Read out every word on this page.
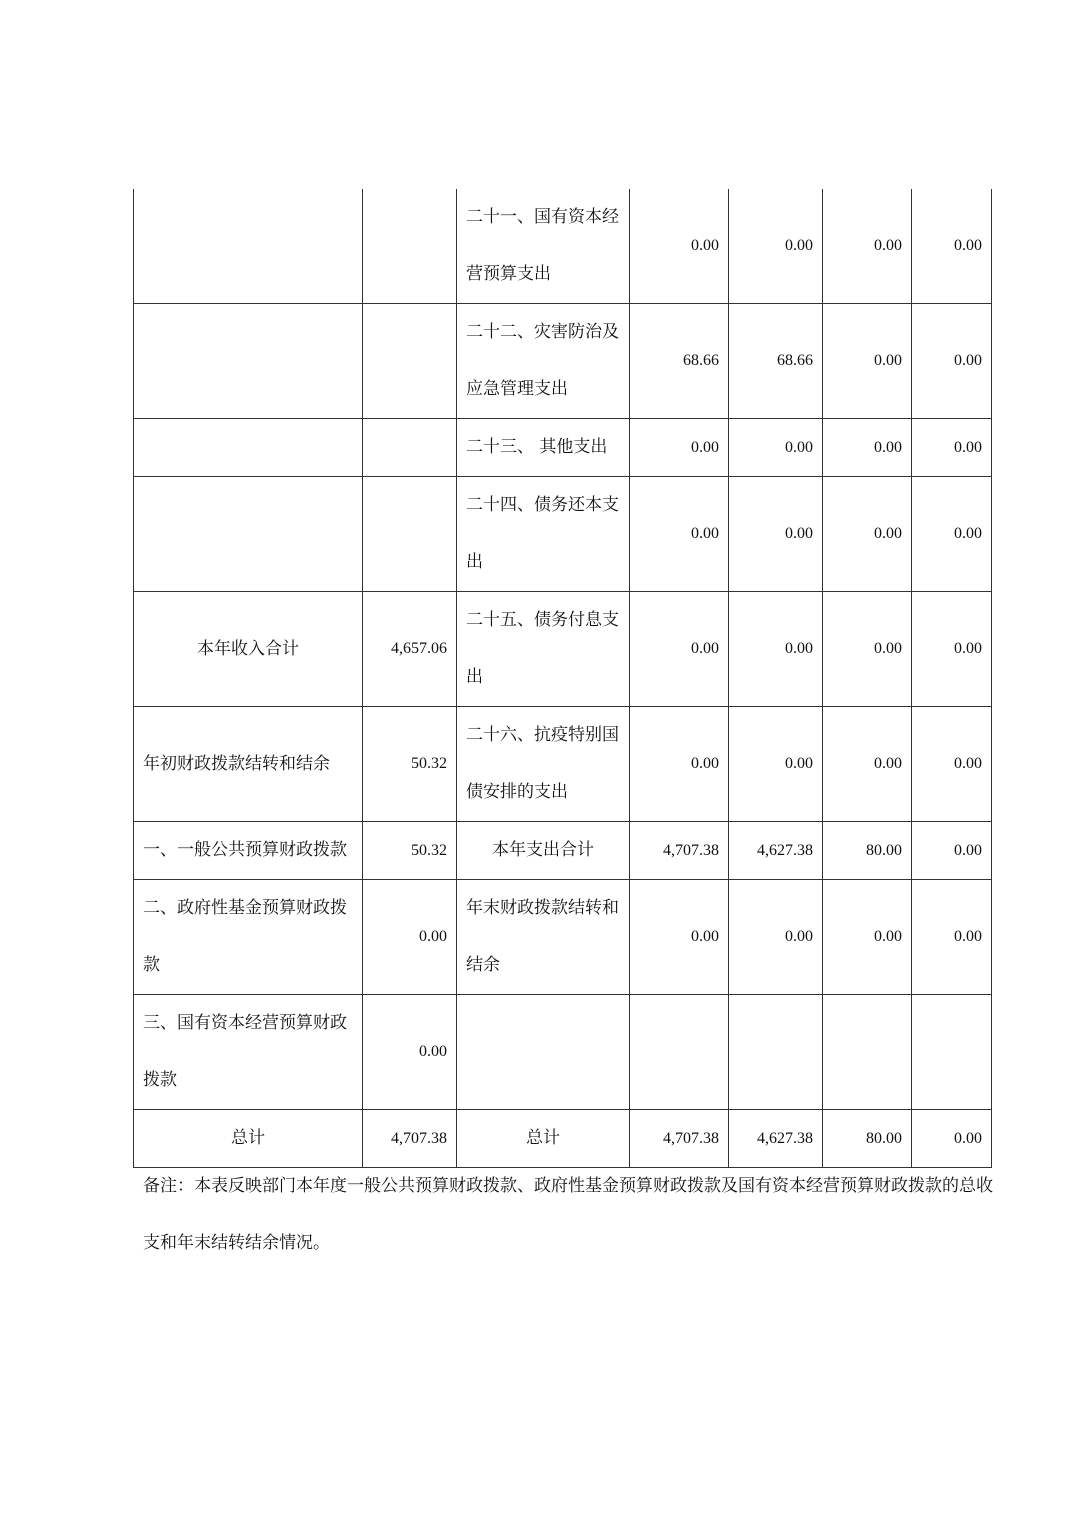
		二十一、国有资本经营预算支出	0.00	0.00	0.00	0.00
		二十二、灾害防治及应急管理支出	68.66	68.66	0.00	0.00
		二十三、 其他支出	0.00	0.00	0.00	0.00
		二十四、债务还本支出	0.00	0.00	0.00	0.00
本年收入合计	4,657.06	二十五、债务付息支出	0.00	0.00	0.00	0.00
年初财政拨款结转和结余	50.32	二十六、抗疫特别国债安排的支出	0.00	0.00	0.00	0.00
一、一般公共预算财政拨款	50.32	本年支出合计	4,707.38	4,627.38	80.00	0.00
二、政府性基金预算财政拨款	0.00	年末财政拨款结转和结余	0.00	0.00	0.00	0.00
三、国有资本经营预算财政拨款	0.00					
总计	4,707.38	总计	4,707.38	4,627.38	80.00	0.00
备注：本表反映部门本年度一般公共预算财政拨款、政府性基金预算财政拨款及国有资本经营预算财政拨款的总收支和年末结转结余情况。
